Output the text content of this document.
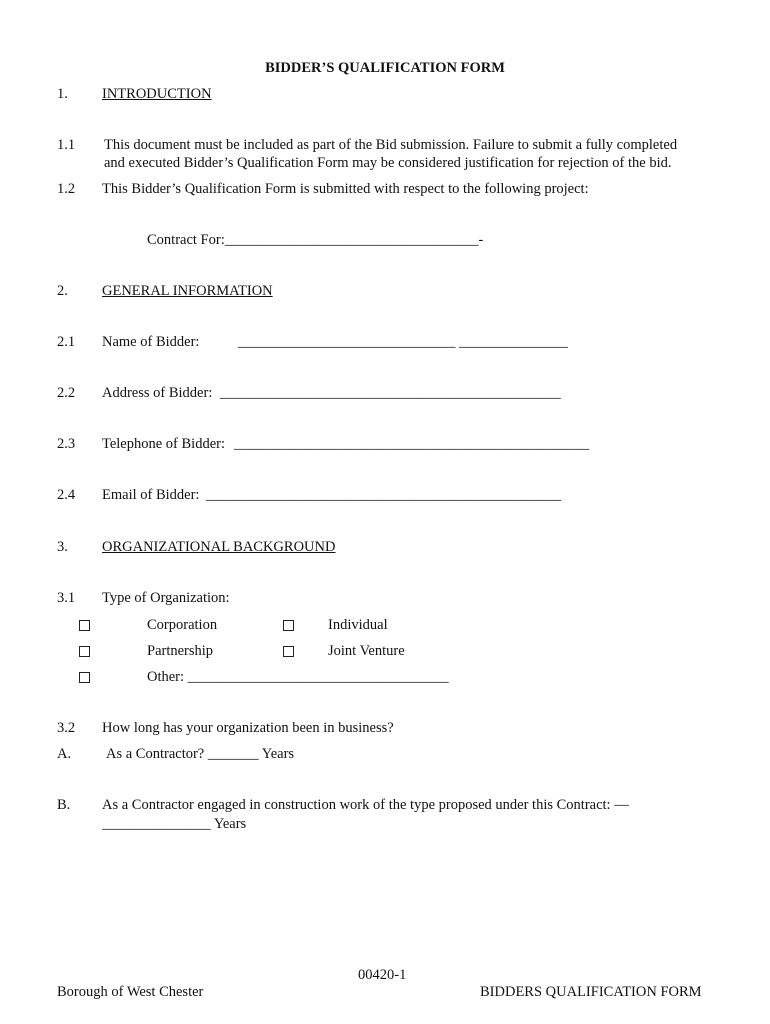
BIDDER’S QUALIFICATION FORM
1. INTRODUCTION
1.1 This document must be included as part of the Bid submission. Failure to submit a fully completed
and executed Bidder’s Qualification Form may be considered justification for rejection of the bid.
1.2 This Bidder’s Qualification Form is submitted with respect to the following project:
Contract For:___________________________________-
2. GENERAL INFORMATION
2.1 Name of Bidder:	______________________________ _______________
2.2 Address of Bidder: _______________________________________________
2.3 Telephone of Bidder: _________________________________________________
2.4 Email of Bidder: _________________________________________________
3. ORGANIZATIONAL BACKGROUND
3.1 Type of Organization:
Corporation	Individual
Partnership	Joint Venture
Other: ____________________________________
3.2 How long has your organization been in business?
A. As a Contractor? _______ Years
B. As a Contractor engaged in construction work of the type proposed under this Contract: —
_______________ Years
00420-1
Borough of West Chester	BIDDERS QUALIFICATION FORM
